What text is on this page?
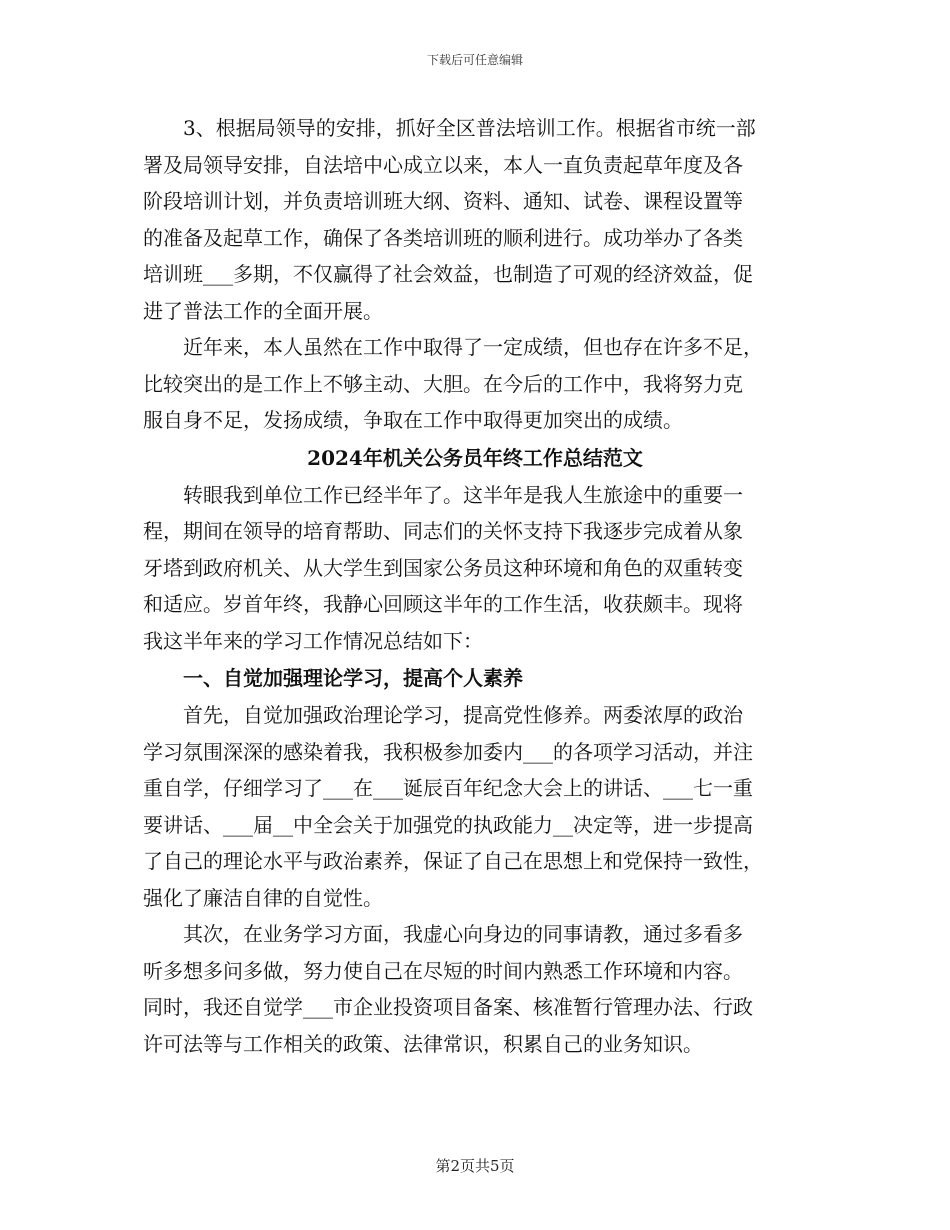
下载后可任意编辑
3、根据局领导的安排，抓好全区普法培训工作。根据省市统一部
署及局领导安排，自法培中心成立以来，本人一直负责起草年度及各
阶段培训计划，并负责培训班大纲、资料、通知、试卷、课程设置等
的准备及起草工作，确保了各类培训班的顺利进行。成功举办了各类
培训班___多期，不仅赢得了社会效益，也制造了可观的经济效益，促
进了普法工作的全面开展。
近年来，本人虽然在工作中取得了一定成绩，但也存在许多不足，
比较突出的是工作上不够主动、大胆。在今后的工作中，我将努力克
服自身不足，发扬成绩，争取在工作中取得更加突出的成绩。
2024年机关公务员年终工作总结范文
转眼我到单位工作已经半年了。这半年是我人生旅途中的重要一
程，期间在领导的培育帮助、同志们的关怀支持下我逐步完成着从象
牙塔到政府机关、从大学生到国家公务员这种环境和角色的双重转变
和适应。岁首年终，我静心回顾这半年的工作生活，收获颇丰。现将
我这半年来的学习工作情况总结如下：
一、自觉加强理论学习，提高个人素养
首先，自觉加强政治理论学习，提高党性修养。两委浓厚的政治
学习氛围深深的感染着我，我积极参加委内___的各项学习活动，并注
重自学，仔细学习了___在___诞辰百年纪念大会上的讲话、___七一重
要讲话、___届__中全会关于加强党的执政能力__决定等，进一步提高
了自己的理论水平与政治素养，保证了自己在思想上和党保持一致性，
强化了廉洁自律的自觉性。
其次，在业务学习方面，我虚心向身边的同事请教，通过多看多
听多想多问多做，努力使自己在尽短的时间内熟悉工作环境和内容。
同时，我还自觉学___市企业投资项目备案、核准暂行管理办法、行政
许可法等与工作相关的政策、法律常识，积累自己的业务知识。
第2页共5页
